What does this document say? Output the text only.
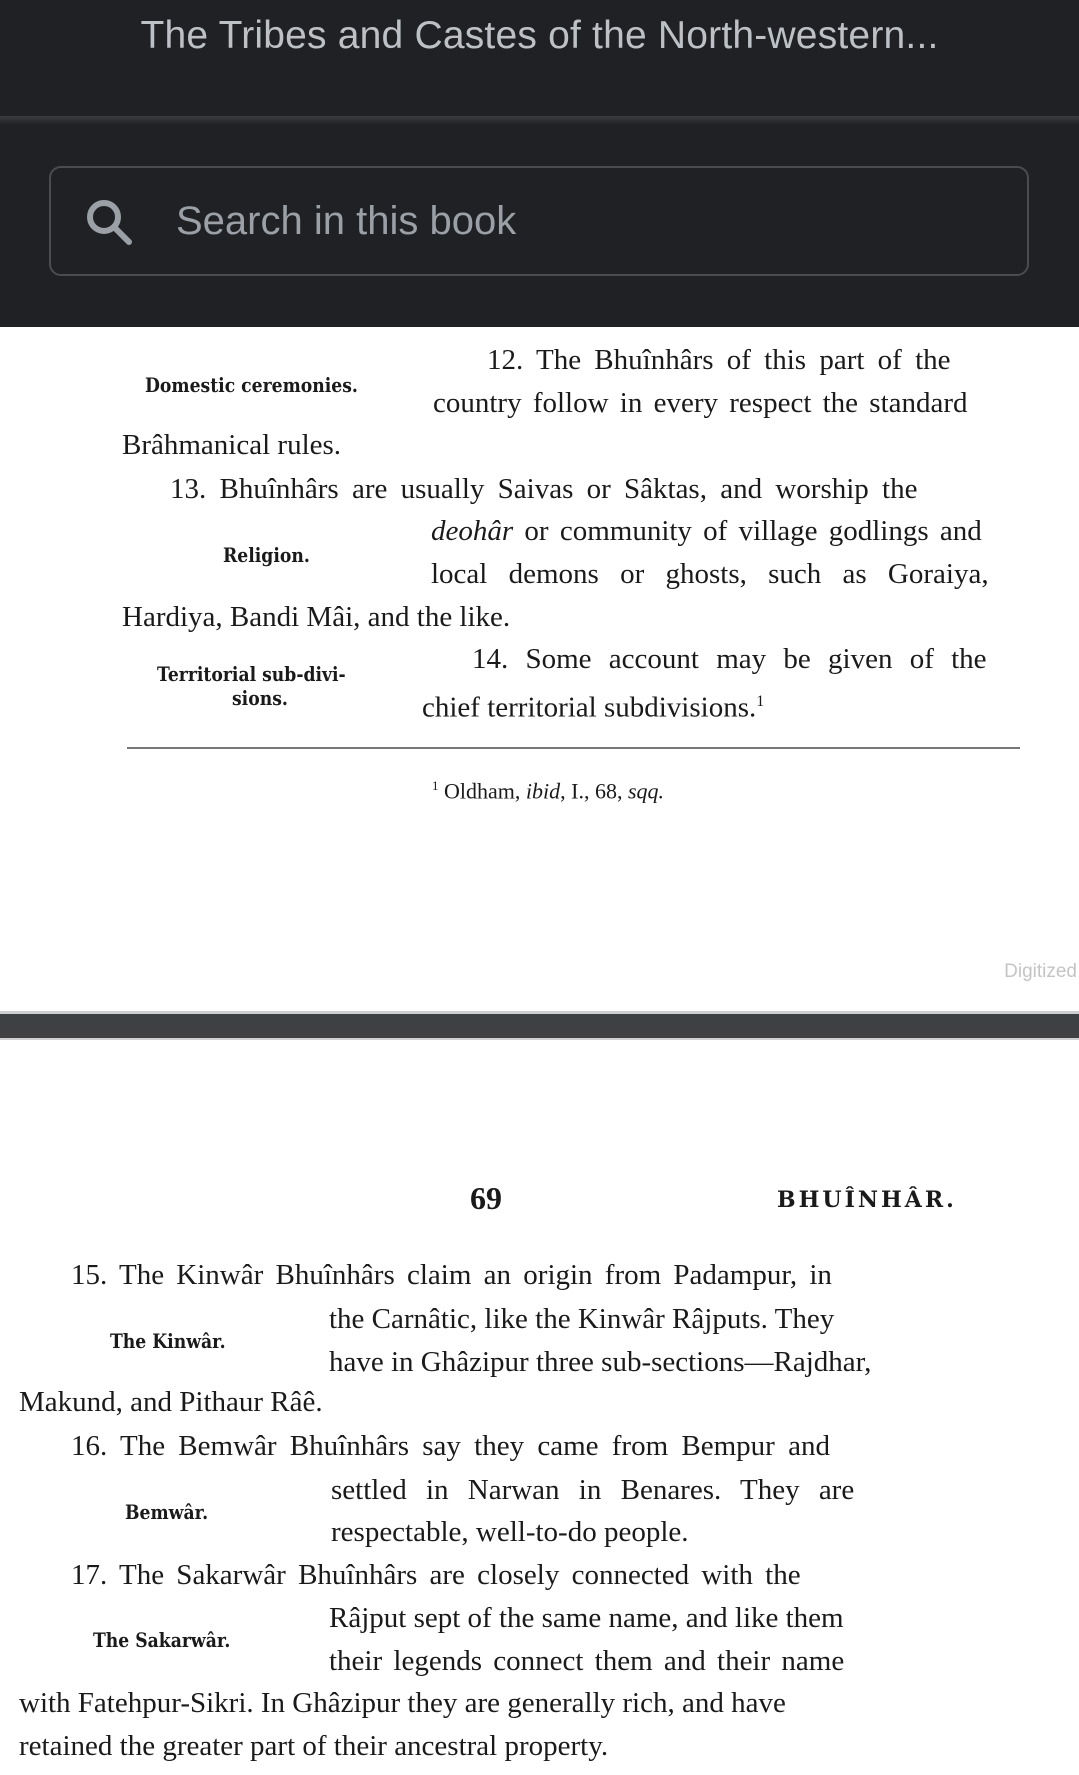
The Tribes and Castes of the North-western...
Search in this book
12. The Bhuînhârs of this part of the
Domestic ceremonies.
country follow in every respect the standard
Brâhmanical rules.
13. Bhuînhârs are usually Saivas or Sâktas, and worship the
deohâr or community of village godlings and
Religion.
local demons or ghosts, such as Goraiya,
Hardiya, Bandi Mâi, and the like.
14. Some account may be given of the
Territorial sub-divi-
sions.	chief territorial subdivisions.$^1$
$^1$ Oldham, ibid, I., 68, sqq.
Digitized
69	BHUÎNHÂR.
15. The Kinwâr Bhuînhârs claim an origin from Padampur, in
the Carnâtic, like the Kinwâr Râjputs. They
The Kinwâr.
have in Ghâzipur three sub-sections—Rajdhar,
Makund, and Pithaur Râê.
16. The Bemwâr Bhuînhârs say they came from Bempur and
settled in Narwan in Benares. They are
Bemwâr.
respectable, well-to-do people.
17. The Sakarwâr Bhuînhârs are closely connected with the
Râjput sept of the same name, and like them
The Sakarwâr.
their legends connect them and their name
with Fatehpur-Sikri. In Ghâzipur they are generally rich, and have
retained the greater part of their ancestral property.
